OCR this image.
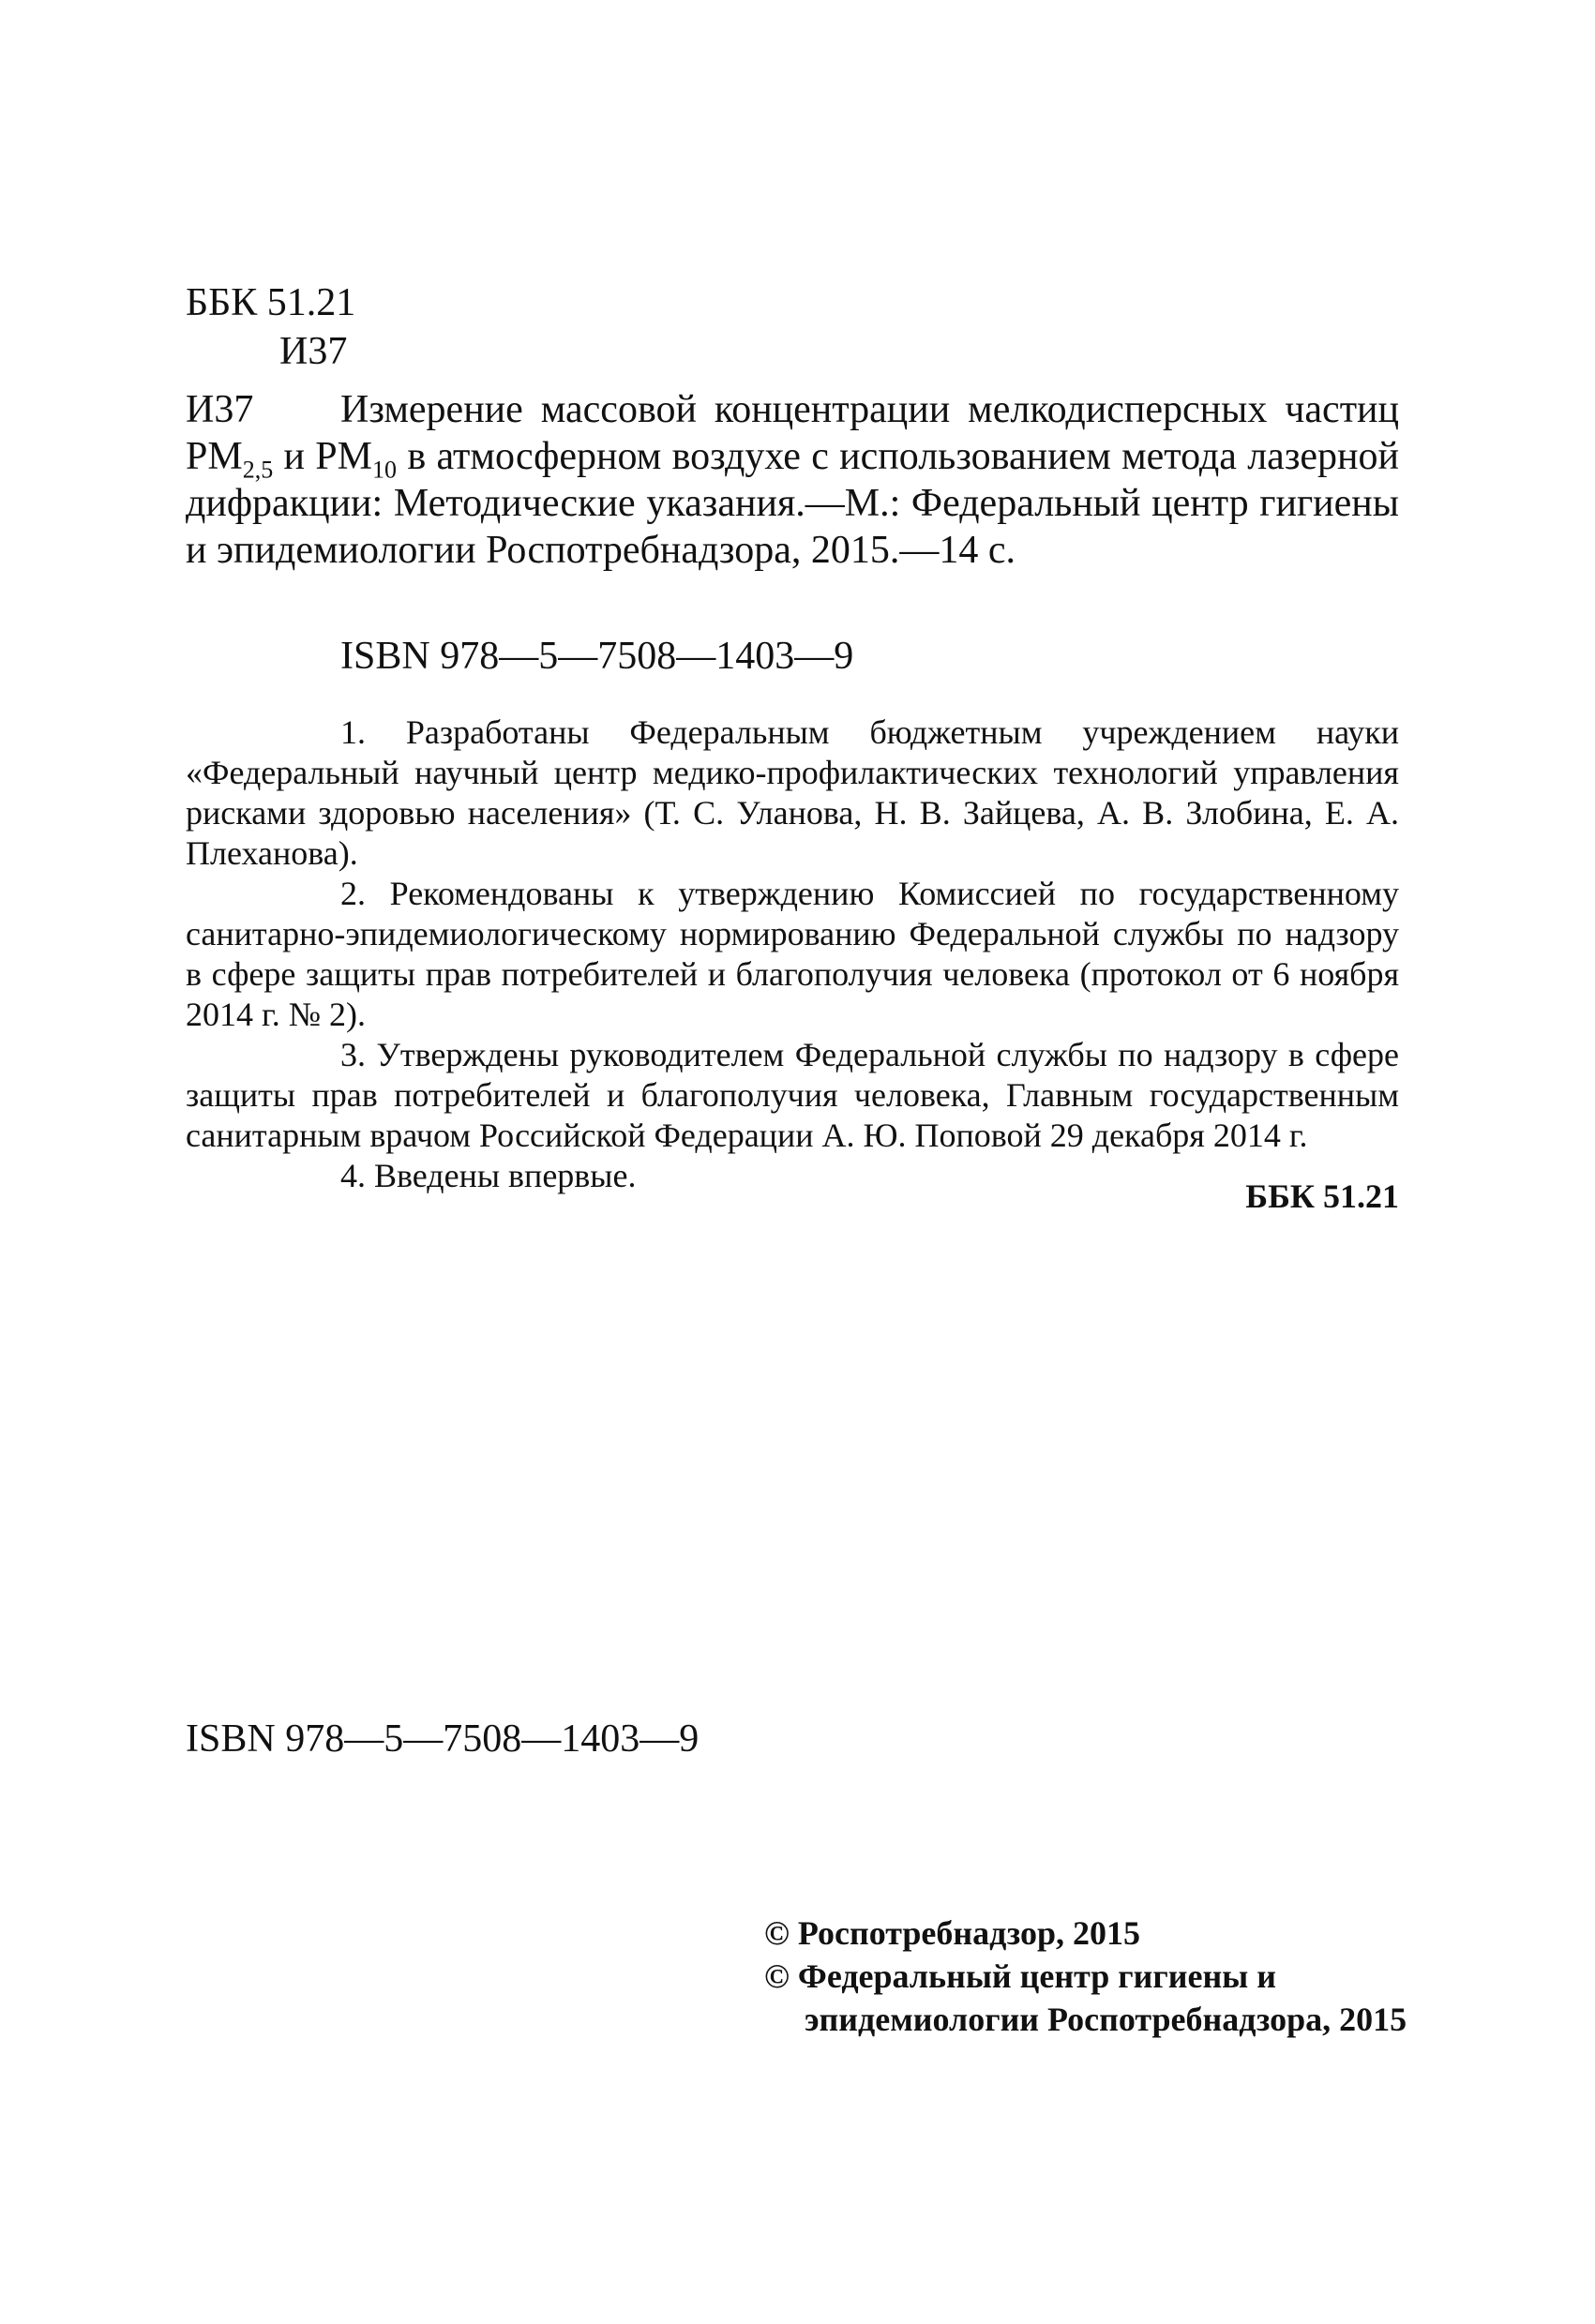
ББК 51.21
И37
И37	Измерение массовой концентрации мелкодисперсных частиц $PM_{2,5}$ и $PM_{10}$ в атмосферном воздухе с использованием метода лазерной дифракции: Методические указания.—М.: Федеральный центр гигиены и эпидемиологии Роспотребнадзора, 2015.—14 с.

ISBN 978—5—7508—1403—9

1. Разработаны Федеральным бюджетным учреждением науки «Федеральный научный центр медико-профилактических технологий управления рисками здоровью населения» (Т. С. Уланова, Н. В. Зайцева, А. В. Злобина, Е. А. Плеханова).

2. Рекомендованы к утверждению Комиссией по государственному санитарно-эпидемиологическому нормированию Федеральной службы по надзору в сфере защиты прав потребителей и благополучия человека (протокол от 6 ноября 2014 г. № 2).

3. Утверждены руководителем Федеральной службы по надзору в сфере защиты прав потребителей и благополучия человека, Главным государственным санитарным врачом Российской Федерации А. Ю. Поповой 29 декабря 2014 г.

4. Введены впервые.

ББК 51.21
ISBN 978—5—7508—1403—9
© Роспотребнадзор, 2015
© Федеральный центр гигиены и
эпидемиологии Роспотребнадзора, 2015
